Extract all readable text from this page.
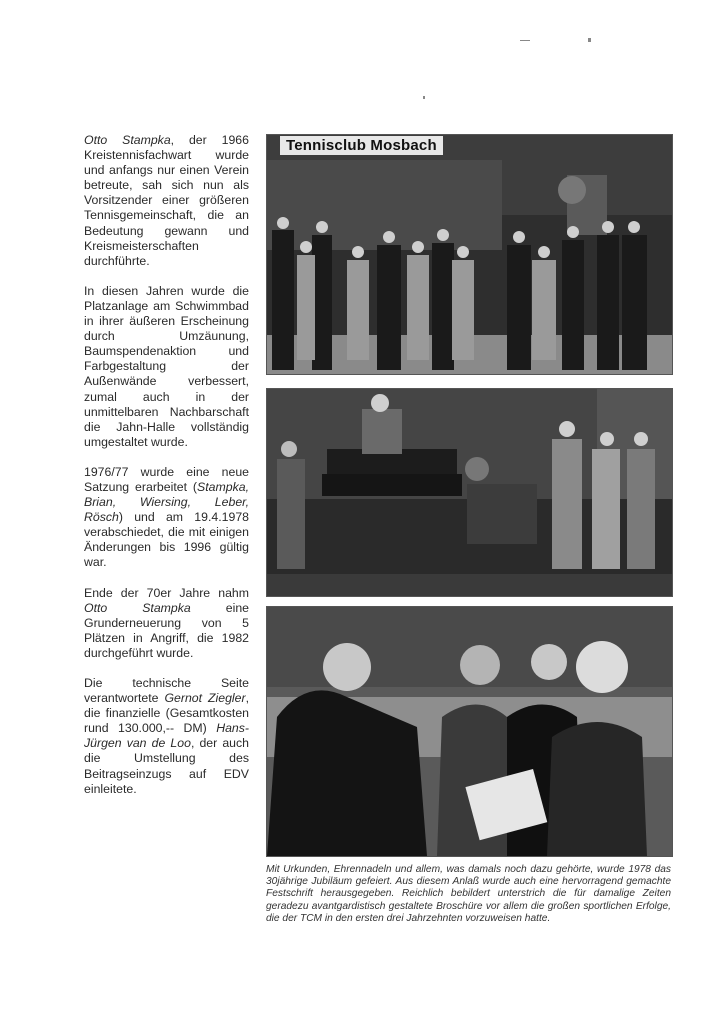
Otto Stampka, der 1966 Kreistennisfachwart wurde und anfangs nur einen Verein betreute, sah sich nun als Vorsitzender einer größeren Tennisgemeinschaft, die an Bedeutung gewann und Kreismeisterschaften durchführte.

In diesen Jahren wurde die Platzanlage am Schwimmbad in ihrer äußeren Erscheinung durch Umzäunung, Baumspendenaktion und Farbgestaltung der Außenwände verbessert, zumal auch in der unmittelbaren Nachbarschaft die Jahn-Halle vollständig umgestaltet wurde.

1976/77 wurde eine neue Satzung erarbeitet (Stampka, Brian, Wiersing, Leber, Rösch) und am 19.4.1978 verabschiedet, die mit einigen Änderungen bis 1996 gültig war.

Ende der 70er Jahre nahm Otto Stampka eine Grunderneuerung von 5 Plätzen in Angriff, die 1982 durchgeführt wurde.

Die technische Seite verantwortete Gernot Ziegler, die finanzielle (Gesamtkosten rund 130.000,-- DM) Hans-Jürgen van de Loo, der auch die Umstellung des Beitragseinzugs auf EDV einleitete.

Tennisclub Mosbach
Mit Urkunden, Ehrennadeln und allem, was damals noch dazu gehörte, wurde 1978 das 30jährige Jubiläum gefeiert. Aus diesem Anlaß wurde auch eine hervorragend gemachte Festschrift herausgegeben. Reichlich bebildert unterstrich die für damalige Zeiten geradezu avantgardistisch gestaltete Broschüre vor allem die großen sportlichen Erfolge, die der TCM in den ersten drei Jahrzehnten vorzuweisen hatte.
